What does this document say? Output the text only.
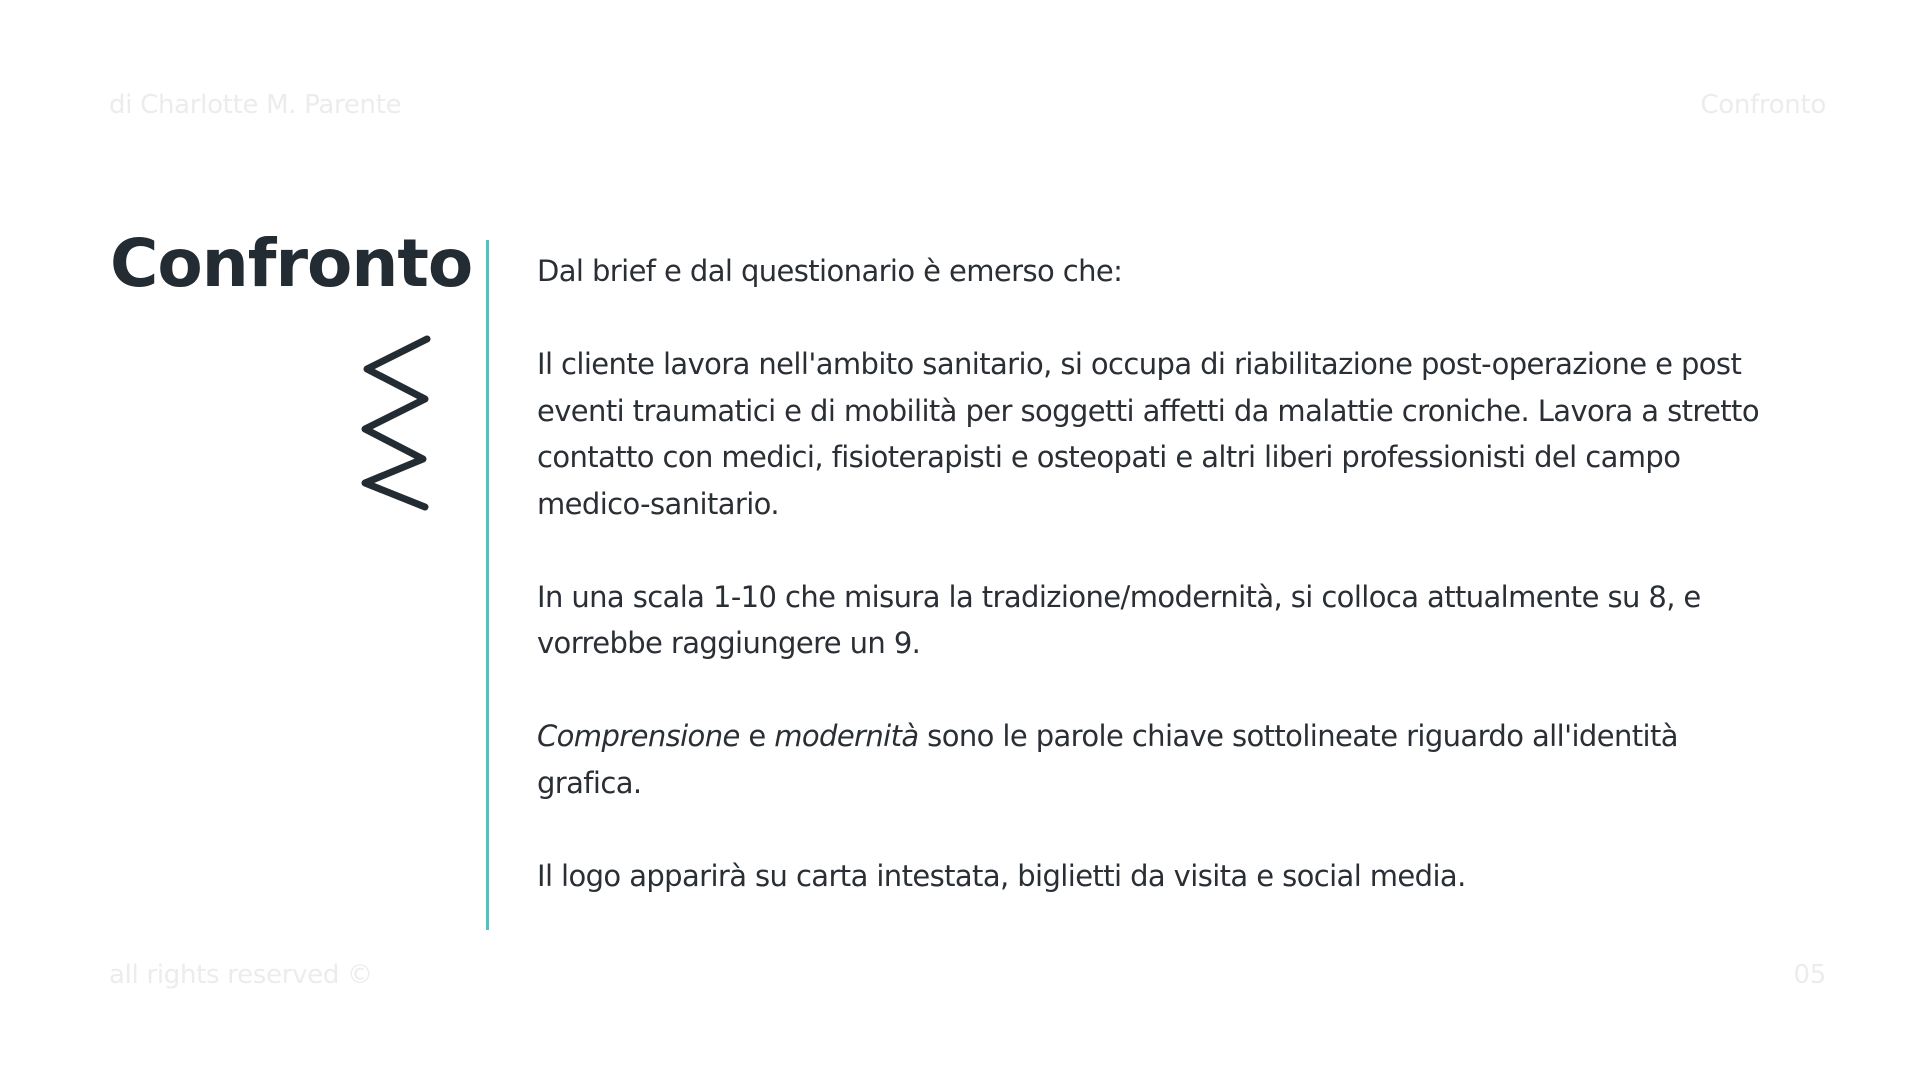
di Charlotte M. Parente	Confronto
Confronto Dal brief e dal questionario è emerso che:

Il cliente lavora nell'ambito sanitario, si occupa di riabilitazione post-operazione e post eventi traumatici e di mobilità per soggetti affetti da malattie croniche. Lavora a stretto contatto con medici, fisioterapisti e osteopati e altri liberi professionisti del campo medico-sanitario.

In una scala 1-10 che misura la tradizione/modernità, si colloca attualmente su 8, e vorrebbe raggiungere un 9.

Comprensione e modernità sono le parole chiave sottolineate riguardo all'identità grafica.

Il logo apparirà su carta intestata, biglietti da visita e social media.

all rights reserved ©	05
